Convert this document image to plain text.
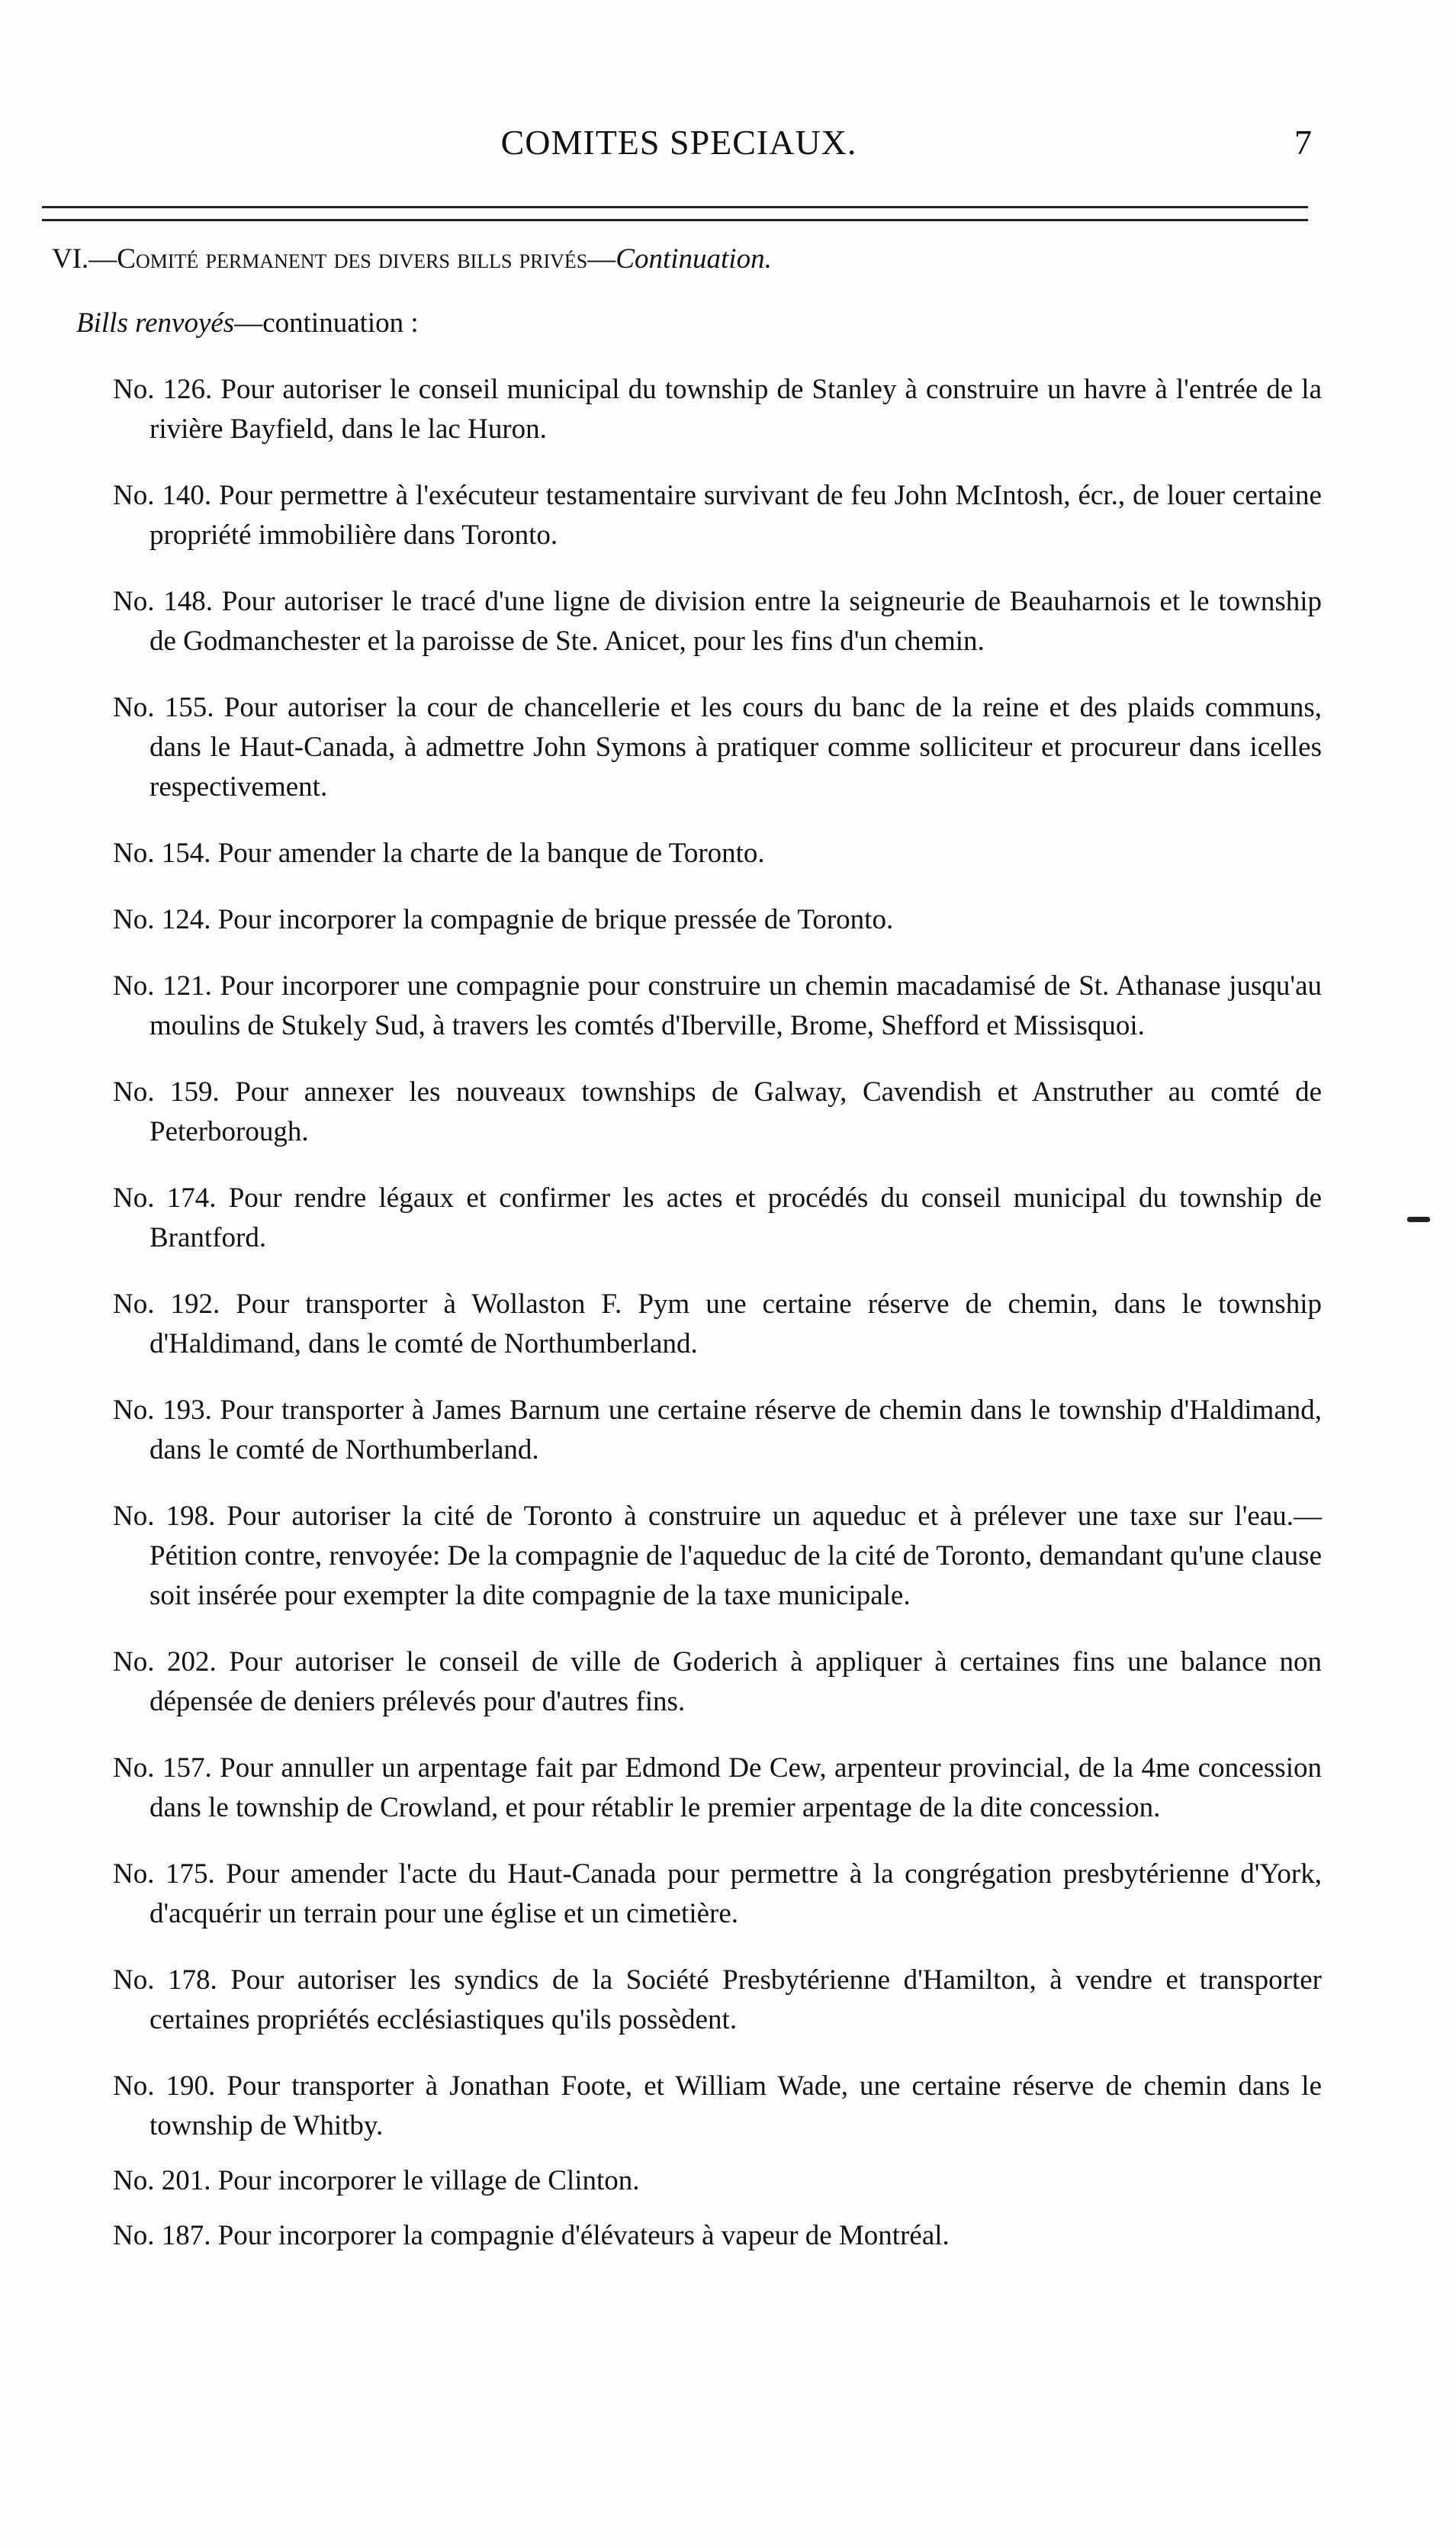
COMITES SPECIAUX.	7
VI.—Comité permanent des divers bills privés—Continuation.
Bills renvoyés—continuation :
No. 126. Pour autoriser le conseil municipal du township de Stanley à construire un havre à l'entrée de la rivière Bayfield, dans le lac Huron.
No. 140. Pour permettre à l'exécuteur testamentaire survivant de feu John McIntosh, écr., de louer certaine propriété immobilière dans Toronto.
No. 148. Pour autoriser le tracé d'une ligne de division entre la seigneurie de Beauharnois et le township de Godmanchester et la paroisse de Ste. Anicet, pour les fins d'un chemin.
No. 155. Pour autoriser la cour de chancellerie et les cours du banc de la reine et des plaids communs, dans le Haut-Canada, à admettre John Symons à pratiquer comme solliciteur et procureur dans icelles respectivement.
No. 154. Pour amender la charte de la banque de Toronto.
No. 124. Pour incorporer la compagnie de brique pressée de Toronto.
No. 121. Pour incorporer une compagnie pour construire un chemin macadamisé de St. Athanase jusqu'au moulins de Stukely Sud, à travers les comtés d'Iberville, Brome, Shefford et Missisquoi.
No. 159. Pour annexer les nouveaux townships de Galway, Cavendish et Anstruther au comté de Peterborough.
No. 174. Pour rendre légaux et confirmer les actes et procédés du conseil municipal du township de Brantford.
No. 192. Pour transporter à Wollaston F. Pym une certaine réserve de chemin, dans le township d'Haldimand, dans le comté de Northumberland.
No. 193. Pour transporter à James Barnum une certaine réserve de chemin dans le township d'Haldimand, dans le comté de Northumberland.
No. 198. Pour autoriser la cité de Toronto à construire un aqueduc et à prélever une taxe sur l'eau.—Pétition contre, renvoyée: De la compagnie de l'aqueduc de la cité de Toronto, demandant qu'une clause soit insérée pour exempter la dite compagnie de la taxe municipale.
No. 202. Pour autoriser le conseil de ville de Goderich à appliquer à certaines fins une balance non dépensée de deniers prélevés pour d'autres fins.
No. 157. Pour annuller un arpentage fait par Edmond De Cew, arpenteur provincial, de la 4me concession dans le township de Crowland, et pour rétablir le premier arpentage de la dite concession.
No. 175. Pour amender l'acte du Haut-Canada pour permettre à la congrégation presbytérienne d'York, d'acquérir un terrain pour une église et un cimetière.
No. 178. Pour autoriser les syndics de la Société Presbytérienne d'Hamilton, à vendre et transporter certaines propriétés ecclésiastiques qu'ils possèdent.
No. 190. Pour transporter à Jonathan Foote, et William Wade, une certaine réserve de chemin dans le township de Whitby.
No. 201. Pour incorporer le village de Clinton.
No. 187. Pour incorporer la compagnie d'élévateurs à vapeur de Montréal.
